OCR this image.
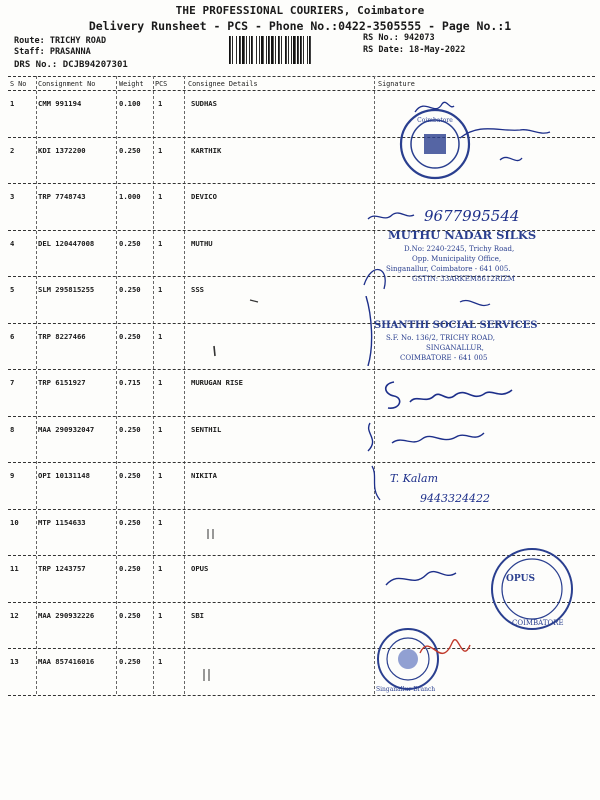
THE PROFESSIONAL COURIERS, Coimbatore
Delivery Runsheet - PCS - Phone No.:0422-3505555 - Page No.:1
Route: TRICHY ROAD
Staff: PRASANNA
DRS No.: DCJB94207301
RS No.: 942073
RS Date: 18-May-2022
S No Consignment No	Weight PCS	Consignee Details	Signature
1	CMM 991194	0.100 1	SUDHAS
2	KDI 1372200	0.250 1	KARTHIK
3	TRP 7748743	1.000 1	DEVICO
4	DEL 120447008	0.250 1	MUTHU
5	SLM 295815255	0.250 1	SSS
6	TRP 8227466	0.250 1
7	TRP 6151927	0.715 1	MURUGAN RISE
8	MAA 290932047	0.250 1	SENTHIL
9	OPI 10131148	0.250 1	NIKITA
10	MTP 1154633	0.250 1
11	TRP 1243757	0.250 1	OPUS
12	MAA 290932226	0.250 1	SBI
13	MAA 857416016	0.250 1
Coimbatore
9677995544
MUTHU NADAR SILKS
D.No: 2240-2245, Trichy Road,
Opp. Municipality Office,
Singanallur, Coimbatore - 641 005.
GSTIN: 33ARKEM8612RIZM
SHANTHI SOCIAL SERVICES
S.F. No. 136/2, TRICHY ROAD,
SINGANALLUR,
COIMBATORE - 641 005
T. Kalam
9443324422
OPUS
COIMBATORE
Singanallur Branch
